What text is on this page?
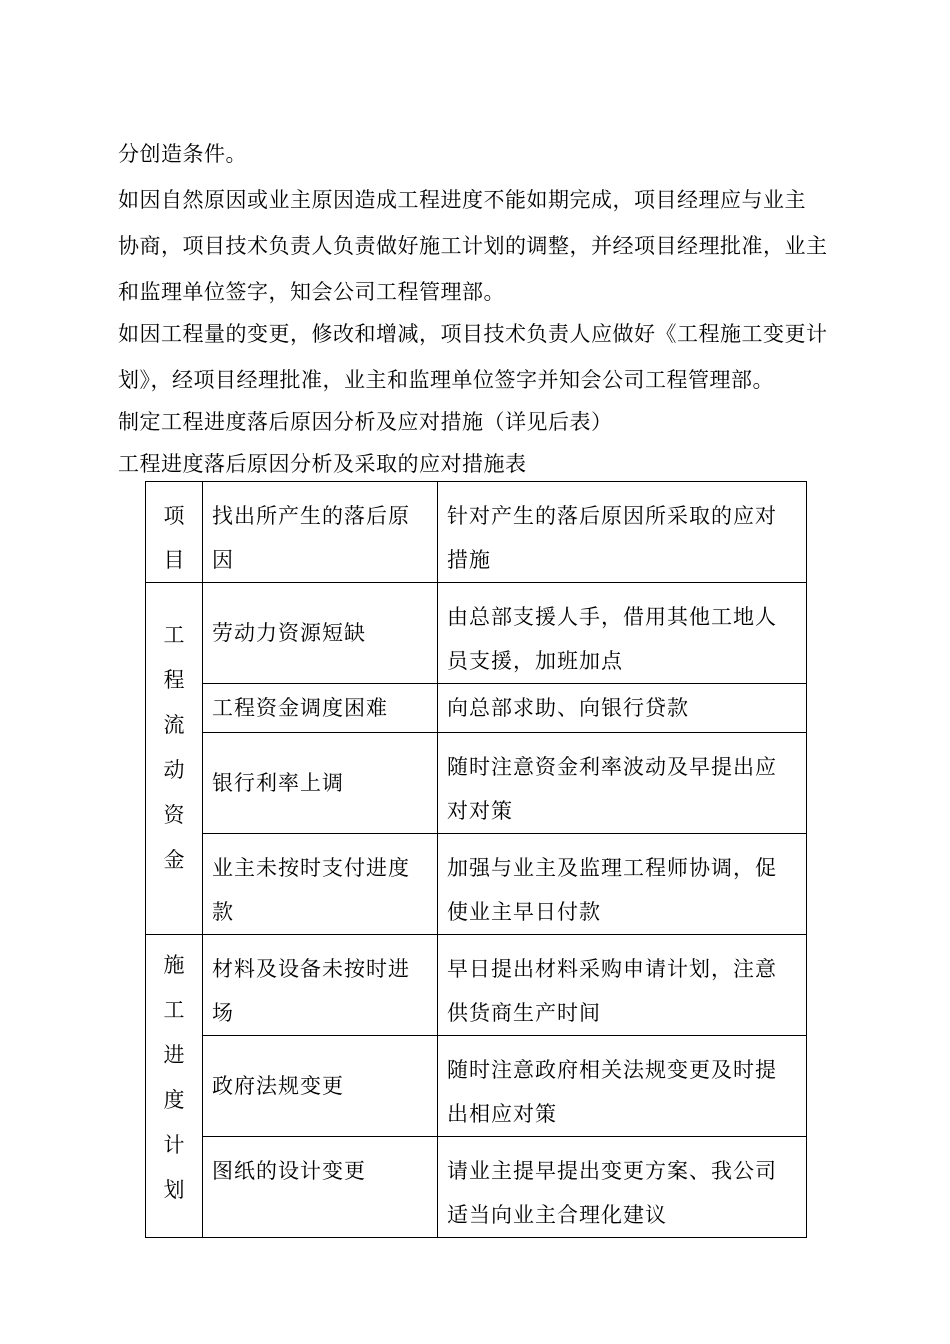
分创造条件。
如因自然原因或业主原因造成工程进度不能如期完成，项目经理应与业主
协商，项目技术负责人负责做好施工计划的调整，并经项目经理批准，业主
和监理单位签字，知会公司工程管理部。
如因工程量的变更，修改和增减，项目技术负责人应做好《工程施工变更计
划》，经项目经理批准，业主和监理单位签字并知会公司工程管理部。
制定工程进度落后原因分析及应对措施（详见后表）
工程进度落后原因分析及采取的应对措施表
项目	找出所产生的落后原因	针对产生的落后原因所采取的应对措施

工程流动资金	劳动力资源短缺	由总部支援人手，借用其他工地人员支援，加班加点

	工程资金调度困难	向总部求助、向银行贷款

	银行利率上调	随时注意资金利率波动及早提出应对对策

	业主未按时支付进度款	加强与业主及监理工程师协调，促使业主早日付款

施工进度计划	材料及设备未按时进场	早日提出材料采购申请计划，注意供货商生产时间

	政府法规变更	随时注意政府相关法规变更及时提出相应对策

	图纸的设计变更	请业主提早提出变更方案、我公司适当向业主合理化建议
